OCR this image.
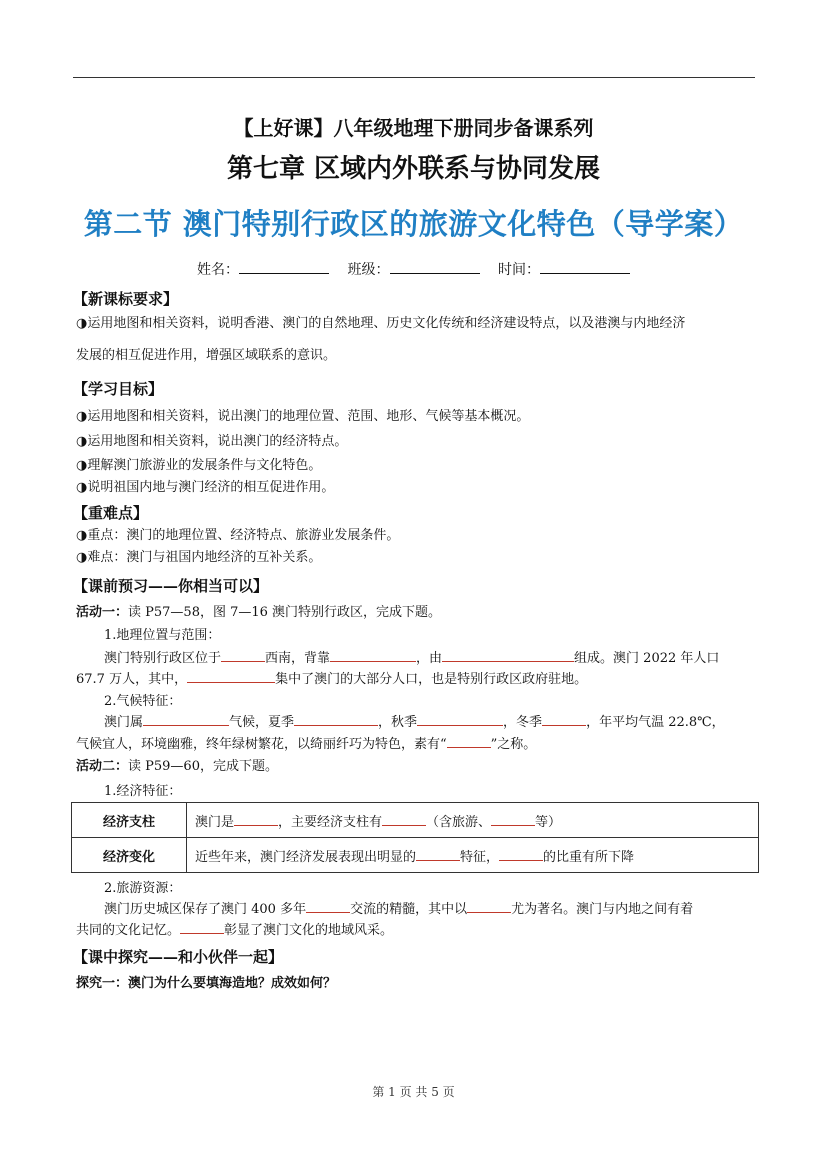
【上好课】八年级地理下册同步备课系列
第七章 区域内外联系与协同发展
第二节 澳门特别行政区的旅游文化特色（导学案）
姓名：	班级：	时间：
【新课标要求】
◑运用地图和相关资料，说明香港、澳门的自然地理、历史文化传统和经济建设特点，以及港澳与内地经济
发展的相互促进作用，增强区域联系的意识。
【学习目标】
◑运用地图和相关资料，说出澳门的地理位置、范围、地形、气候等基本概况。
◑运用地图和相关资料，说出澳门的经济特点。
◑理解澳门旅游业的发展条件与文化特色。
◑说明祖国内地与澳门经济的相互促进作用。
【重难点】
◑重点：澳门的地理位置、经济特点、旅游业发展条件。
◑难点：澳门与祖国内地经济的互补关系。
【课前预习——你相当可以】
活动一：读 P57—58，图 7—16 澳门特别行政区，完成下题。
1.地理位置与范围：
澳门特别行政区位于	西南，背靠	，由	组成。澳门 2022 年人口
67.7 万人，其中，	集中了澳门的大部分人口，也是特别行政区政府驻地。
2.气候特征：
澳门属	气候，夏季	，秋季	，冬季	，年平均气温 22.8℃，
气候宜人，环境幽雅，终年绿树繁花，以绮丽纤巧为特色，素有“	”之称。
活动二：读 P59—60，完成下题。
1.经济特征：
经济支柱	澳门是 ，主要经济支柱有 （含旅游、 等）
经济变化	近些年来，澳门经济发展表现出明显的 特征， 的比重有所下降
2.旅游资源：
澳门历史城区保存了澳门 400 多年	交流的精髓，其中以	尤为著名。澳门与内地之间有着
共同的文化记忆。	彰显了澳门文化的地域风采。
【课中探究——和小伙伴一起】
探究一：澳门为什么要填海造地？成效如何？
第 1 页 共 5 页
